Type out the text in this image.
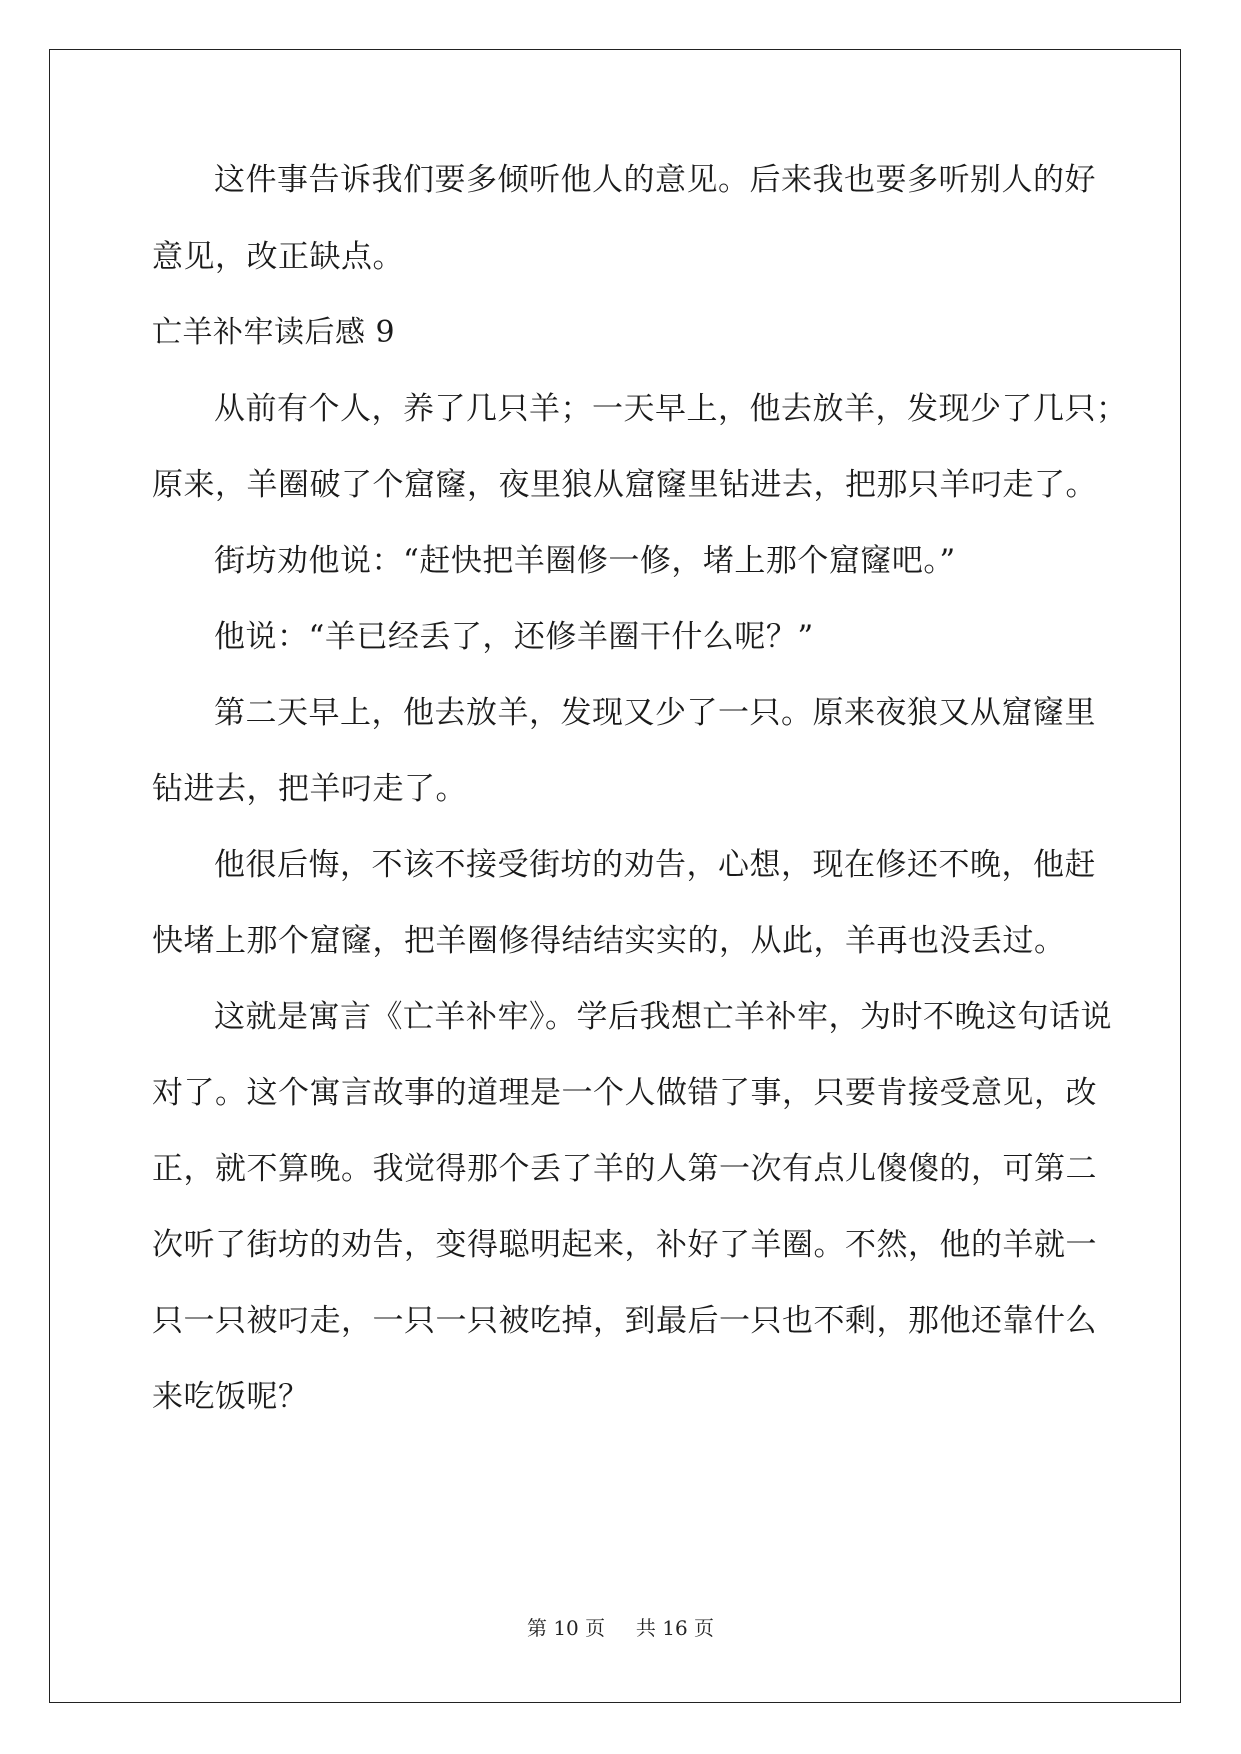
这件事告诉我们要多倾听他人的意见。后来我也要多听别人的好

意见，改正缺点。

亡羊补牢读后感 9

从前有个人，养了几只羊；一天早上，他去放羊，发现少了几只；

原来，羊圈破了个窟窿，夜里狼从窟窿里钻进去，把那只羊叼走了。

街坊劝他说：“赶快把羊圈修一修，堵上那个窟窿吧。”

他说：“羊已经丢了，还修羊圈干什么呢？”

第二天早上，他去放羊，发现又少了一只。原来夜狼又从窟窿里

钻进去，把羊叼走了。

他很后悔，不该不接受街坊的劝告，心想，现在修还不晚，他赶

快堵上那个窟窿，把羊圈修得结结实实的，从此，羊再也没丢过。

这就是寓言《亡羊补牢》。学后我想亡羊补牢，为时不晚这句话说

对了。这个寓言故事的道理是一个人做错了事，只要肯接受意见，改

正，就不算晚。我觉得那个丢了羊的人第一次有点儿傻傻的，可第二

次听了街坊的劝告，变得聪明起来，补好了羊圈。不然，他的羊就一

只一只被叼走，一只一只被吃掉，到最后一只也不剩，那他还靠什么

来吃饭呢？

第 10 页 共 16 页
